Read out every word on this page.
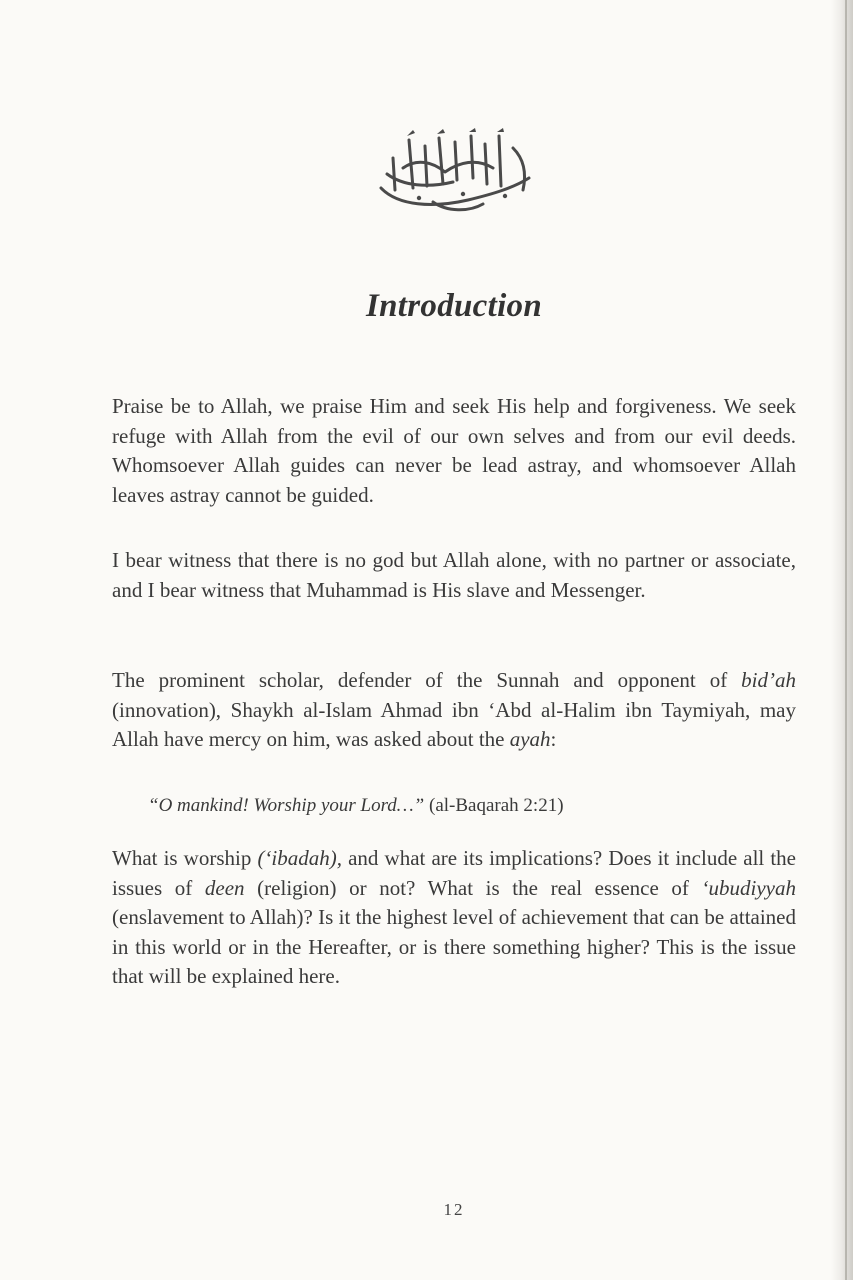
Introduction

Praise be to Allah, we praise Him and seek His help and forgiveness. We seek refuge with Allah from the evil of our own selves and from our evil deeds. Whomsoever Allah guides can never be lead astray, and whomsoever Allah leaves astray cannot be guided.

I bear witness that there is no god but Allah alone, with no partner or associate, and I bear witness that Muhammad is His slave and Messenger.

The prominent scholar, defender of the Sunnah and opponent of bid’ah (innovation), Shaykh al-Islam Ahmad ibn ‘Abd al-Halim ibn Taymiyah, may Allah have mercy on him, was asked about the ayah:

“O mankind! Worship your Lord…” (al-Baqarah 2:21)

What is worship (‘ibadah), and what are its implications? Does it include all the issues of deen (religion) or not? What is the real essence of ‘ubudiyyah (enslavement to Allah)? Is it the highest level of achievement that can be attained in this world or in the Hereafter, or is there something higher? This is the issue that will be explained here.

12
